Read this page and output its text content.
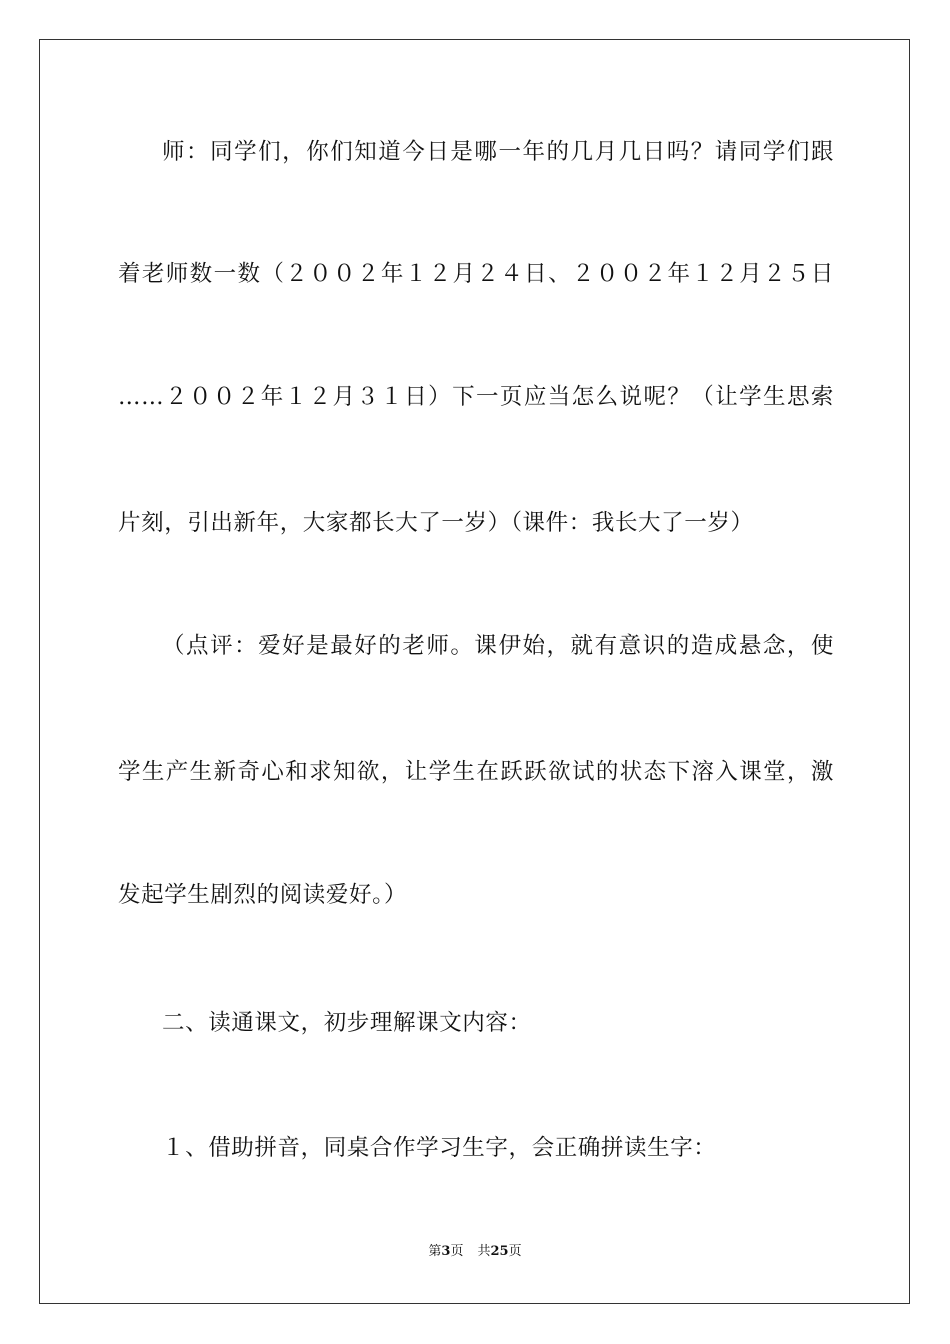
师：同学们，你们知道今日是哪一年的几月几日吗？请同学们跟
着老师数一数（２００２年１２月２４日、２００２年１２月２５日
……２００２年１２月３１日）下一页应当怎么说呢？（让学生思索
片刻，引出新年，大家都长大了一岁）（课件：我长大了一岁）
（点评：爱好是最好的老师。课伊始，就有意识的造成悬念，使
学生产生新奇心和求知欲，让学生在跃跃欲试的状态下溶入课堂，激
发起学生剧烈的阅读爱好。）
二、读通课文，初步理解课文内容：
１、借助拼音，同桌合作学习生字，会正确拼读生字：
第3页 共25页
